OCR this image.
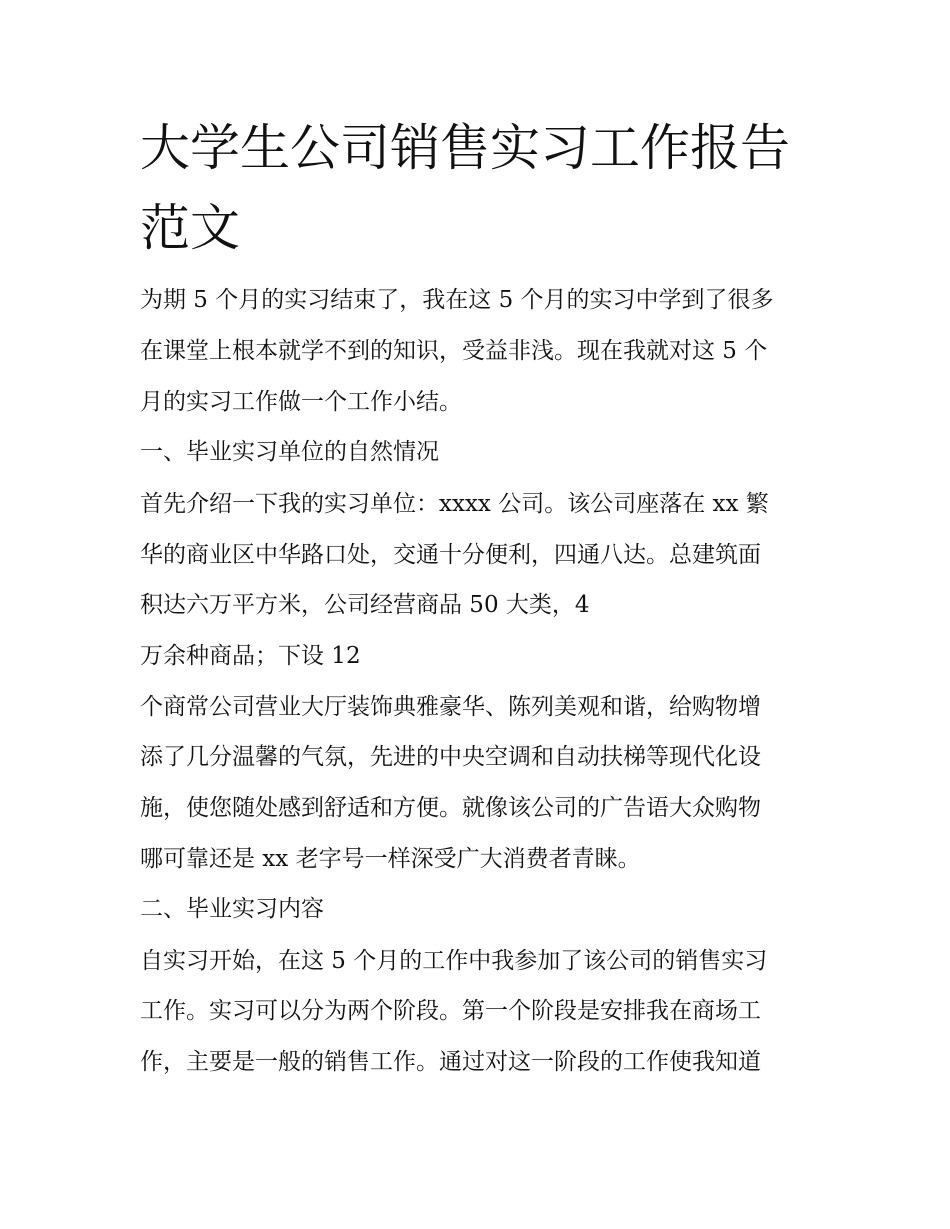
大学生公司销售实习工作报告
范文
为期 5 个月的实习结束了，我在这 5 个月的实习中学到了很多
在课堂上根本就学不到的知识，受益非浅。现在我就对这 5 个
月的实习工作做一个工作小结。
一、毕业实习单位的自然情况
首先介绍一下我的实习单位：xxxx 公司。该公司座落在 xx 繁
华的商业区中华路口处，交通十分便利，四通八达。总建筑面
积达六万平方米，公司经营商品 50 大类，4
万余种商品；下设 12
个商常公司营业大厅装饰典雅豪华、陈列美观和谐，给购物增
添了几分温馨的气氛，先进的中央空调和自动扶梯等现代化设
施，使您随处感到舒适和方便。就像该公司的广告语大众购物
哪可靠还是 xx 老字号一样深受广大消费者青睐。
二、毕业实习内容
自实习开始，在这 5 个月的工作中我参加了该公司的销售实习
工作。实习可以分为两个阶段。第一个阶段是安排我在商场工
作，主要是一般的销售工作。通过对这一阶段的工作使我知道
